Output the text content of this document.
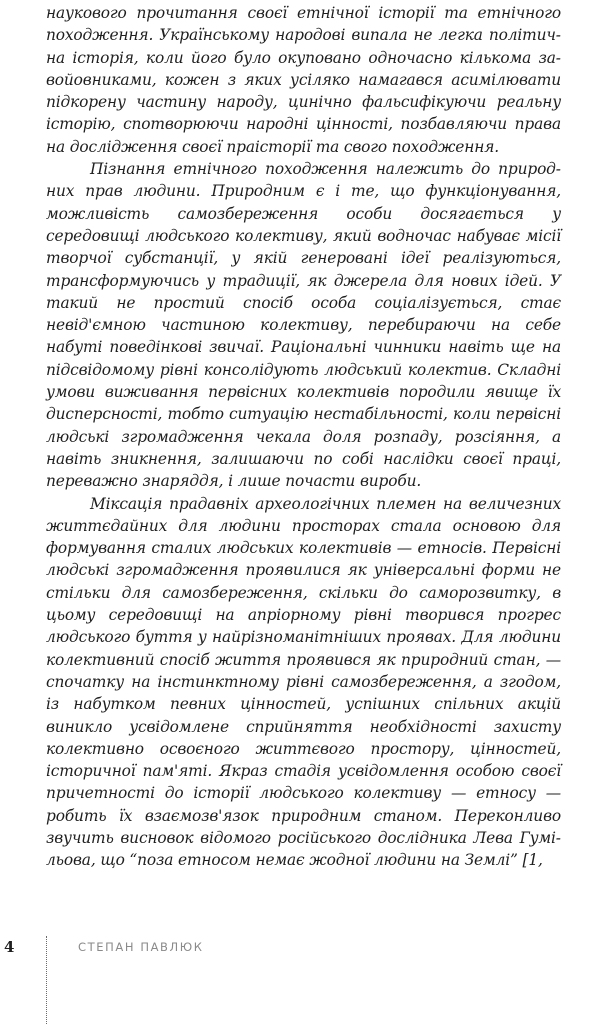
наукового прочитання своєї етнічної історії та етнічного походження. Українському народові випала не легка політична історія, коли його було окуповано одночасно кількома завойовниками, кожен з яких усіляко намагався асимілювати підкорену частину народу, цинічно фальсифікуючи реальну історію, спотворюючи народні цінності, позбавляючи права на дослідження своєї праісторії та свого походження.

Пізнання етнічного походження належить до природних прав людини. Природним є і те, що функціонування, можливість самозбереження особи досягається у середовищі людського колективу, який водночас набуває місії творчої субстанції, у якій генеровані ідеї реалізуються, трансформуючись у традиції, як джерела для нових ідей. У такий не простий спосіб особа соціалізується, стає невід'ємною частиною колективу, перебираючи на себе набуті поведінкові звичаї. Раціональні чинники навіть ще на підсвідомому рівні консолідують людський колектив. Складні умови виживання первісних колективів породили явище їх дисперсності, тобто ситуацію нестабільності, коли первісні людські згромадження чекала доля розпаду, розсіяння, а навіть зникнення, залишаючи по собі наслідки своєї праці, переважно знаряддя, і лише почасти вироби.

Міксація прадавніх археологічних племен на величезних життєдайних для людини просторах стала основою для формування сталих людських колективів — етносів. Первісні людські згромадження проявилися як універсальні форми не стільки для самозбереження, скільки до саморозвитку, в цьому середовищі на апріорному рівні творився прогрес людського буття у найрізноманітніших проявах. Для людини колективний спосіб життя проявився як природний стан, — спочатку на інстинктному рівні самозбереження, а згодом, із набутком певних цінностей, успішних спільних акцій виникло усвідомлене сприйняття необхідності захисту колективно освоєного життєвого простору, цінностей, історичної пам'яті. Якраз стадія усвідомлення особою своєї причетності до історії людського колективу — етносу — робить їх взаємозв'язок природним станом. Переконливо звучить висновок відомого російського дослідника Лева Гумільова, що “поза етносом немає жодної людини на Землі” [1,

4	СТЕПАН ПАВЛЮК
